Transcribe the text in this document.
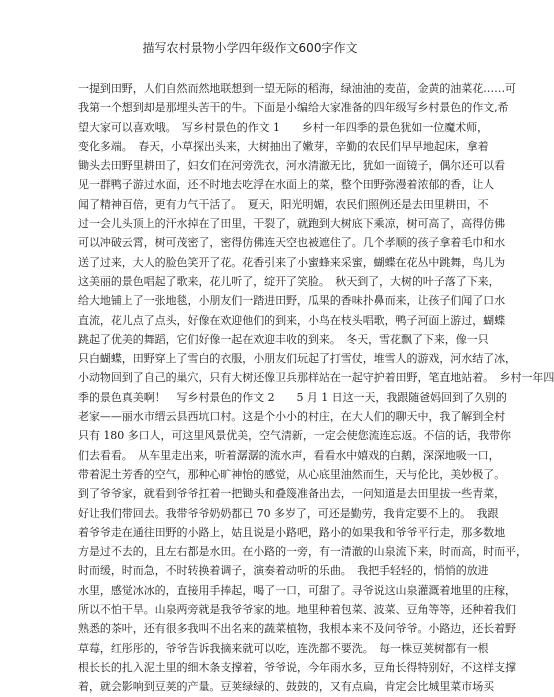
描写农村景物小学四年级作文600字作文
一提到田野，人们自然而然地联想到一望无际的稻海，绿油油的麦苗，金黄的油菜花……可
我第一个想到却是那埋头苦干的牛。下面是小编给大家准备的四年级写乡村景色的作文,希
望大家可以喜欢哦。　写乡村景色的作文 1　　乡村一年四季的景色犹如一位魔术师，
变化多端。　春天，小草探出头来，大树抽出了嫩芽，辛勤的农民们早早地起床，拿着
锄头去田野里耕田了，妇女们在河旁洗衣，河水清澈无比，犹如一面镜子，偶尔还可以看
见一群鸭子游过水面，还不时地去吃浮在水面上的菜，整个田野弥漫着浓郁的香，让人
闻了精神百倍，更有力气干活了。　夏天，阳光明媚，农民们照例还是去田里耕田，不
过一会儿头顶上的汗水掉在了田里，干裂了，就跑到大树底下乘凉，树可高了，高得仿佛
可以冲破云霄，树可茂密了，密得仿佛连天空也被遮住了。几个孝顺的孩子拿着毛巾和水
送了过来，大人的脸色笑开了花。花香引来了小蜜蜂来采蜜，蝴蝶在花丛中跳舞，鸟儿为
这美丽的景色唱起了歌来，花儿听了，绽开了笑脸。　秋天到了，大树的叶子落了下来，
给大地铺上了一张地毯，小朋友们一踏进田野，瓜果的香味扑鼻而来，让孩子们闻了口水
直流，花儿点了点头，好像在欢迎他们的到来，小鸟在枝头唱歌，鸭子河面上游过，蝴蝶
跳起了优美的舞蹈，它们好像一起在欢迎丰收的到来。　冬天，雪花飘了下来，像一只
只白蝴蝶，田野穿上了雪白的衣服，小朋友们玩起了打雪仗，堆雪人的游戏，河水结了冰，
小动物回到了自己的巢穴，只有大树还像卫兵那样站在一起守护着田野，笔直地站着。　乡村一年四
季的景色真美啊！　写乡村景色的作文 2　　5 月 1 日这一天，我跟随爸妈回到了久别的
老家——丽水市缙云县西坑口村。这是个小小的村庄，在大人们的聊天中，我了解到全村
只有 180 多口人，可这里风景优美，空气清新，一定会使您流连忘返。不信的话，我带你
们去看看。　从车里走出来，听着潺潺的流水声，看看水中嬉戏的白鹅，深深地吸一口，
带着泥土芳香的空气，那种心旷神怡的感觉，从心底里油然而生，天与伦比，美妙极了。
到了爷爷家，就看到爷爷扛着一把锄头和叠篾准备出去，一问知道是去田里拔一些青菜，
好让我们带回去。我带爷爷奶奶都已 70 多岁了，可还是勤劳，我肯定要不上的。　我跟
着爷爷走在通往田野的小路上，姑且说是小路吧，路小的如果我和爷爷平行走，那多数地
方是过不去的，且左右都是水田。在小路的一旁，有一清澈的山泉流下来，时而高，时而平，
时而缓，时而急，不时转换着调子，演奏着动听的乐曲。　我把手轻轻的，悄悄的放进
水里，感觉冰冰的，直接用手捧起，喝了一口，可甜了。寻爷说这山泉灌溉着地里的庄稼，
所以不怕干旱。山泉两旁就是我爷爷家的地。地里种着包菜、波菜、豆角等等，还种着我们
熟悉的茶叶，还有很多我叫不出名来的蔬菜植物，我根本来不及问爷爷。小路边，还长着野
草莓，红彤彤的，爷爷告诉我摘来就可以吃，连洗都不要洗。　每一株豆荚树都有一根
根长长的扎入泥土里的细木条支撑着，爷爷说，今年雨水多，豆角长得特别好，不这样支撑
着，就会影响到豆荚的产量。豆荚绿绿的、鼓鼓的，又有点扁，肯定会比城里菜市场买
